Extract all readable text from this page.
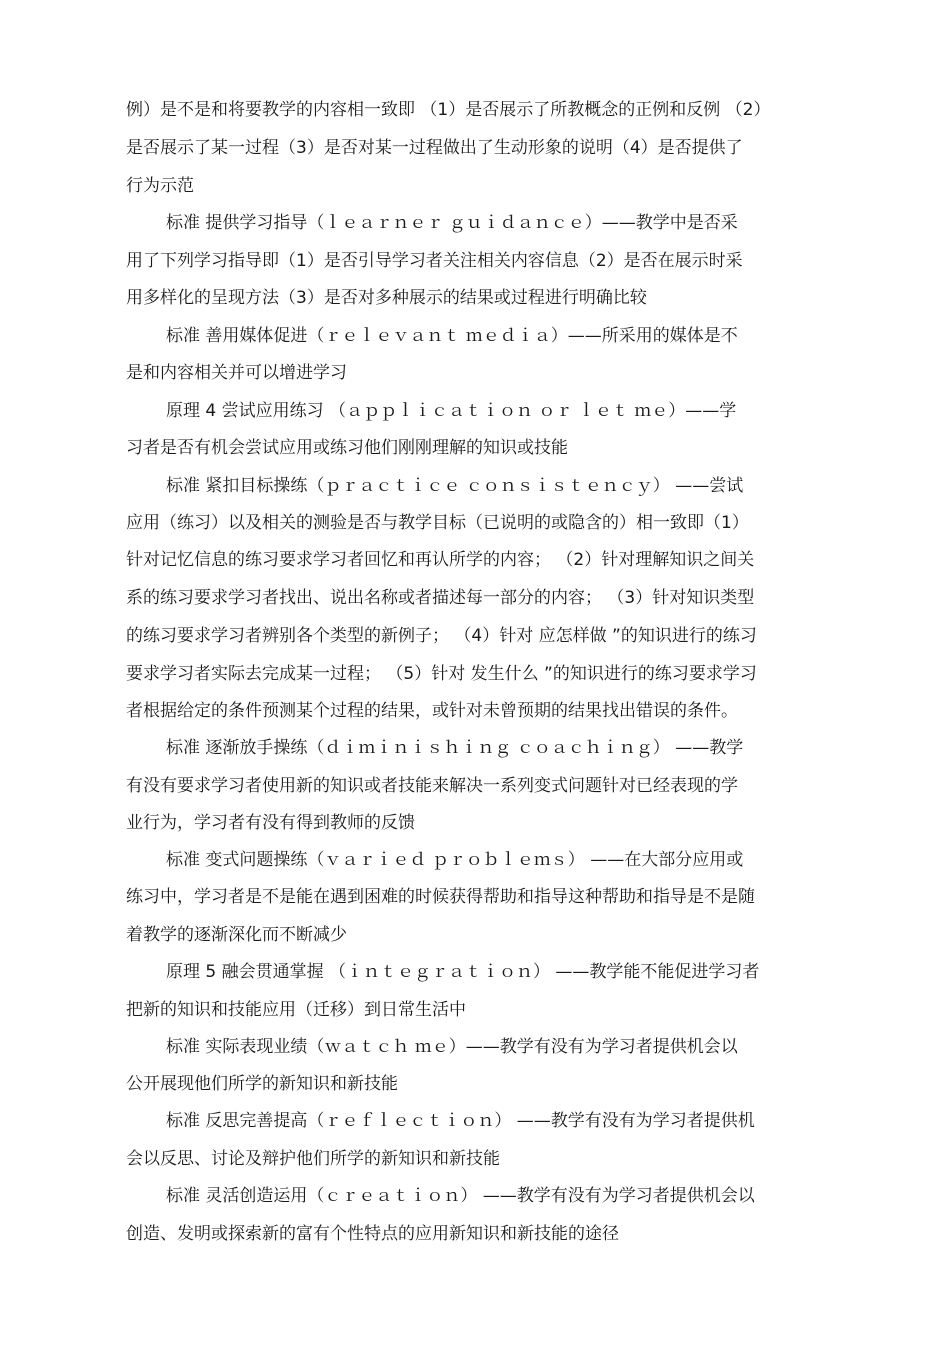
例）是不是和将要教学的内容相一致即 （1）是否展示了所教概念的正例和反例 （2）
是否展示了某一过程（3）是否对某一过程做出了生动形象的说明（4）是否提供了
行为示范
标准 提供学习指导（ｌｅａｒｎｅｒ ｇｕｉｄａｎｃｅ）——教学中是否采
用了下列学习指导即（1）是否引导学习者关注相关内容信息（2）是否在展示时采
用多样化的呈现方法（3）是否对多种展示的结果或过程进行明确比较
标准 善用媒体促进（ｒｅｌｅｖａｎｔ ｍｅｄｉａ）——所采用的媒体是不
是和内容相关并可以增进学习
原理 4 尝试应用练习 （ａｐｐｌｉｃａｔｉｏｎ ｏｒ ｌｅｔ ｍｅ）——学
习者是否有机会尝试应用或练习他们刚刚理解的知识或技能
标准 紧扣目标操练（ｐｒａｃｔｉｃｅ ｃｏｎｓｉｓｔｅｎｃｙ） ——尝试
应用（练习）以及相关的测验是否与教学目标（已说明的或隐含的）相一致即（1）
针对记忆信息的练习要求学习者回忆和再认所学的内容； （2）针对理解知识之间关
系的练习要求学习者找出、说出名称或者描述每一部分的内容； （3）针对知识类型
的练习要求学习者辨别各个类型的新例子； （4）针对 应怎样做 ”的知识进行的练习
要求学习者实际去完成某一过程； （5）针对 发生什么 ”的知识进行的练习要求学习
者根据给定的条件预测某个过程的结果，或针对未曾预期的结果找出错误的条件。
标准 逐渐放手操练（ｄｉｍｉｎｉｓｈｉｎｇ ｃｏａｃｈｉｎｇ） ——教学
有没有要求学习者使用新的知识或者技能来解决一系列变式问题针对已经表现的学
业行为，学习者有没有得到教师的反馈
标准 变式问题操练（ｖａｒｉｅｄ ｐｒｏｂｌｅｍｓ） ——在大部分应用或
练习中，学习者是不是能在遇到困难的时候获得帮助和指导这种帮助和指导是不是随
着教学的逐渐深化而不断减少
原理 5 融会贯通掌握 （ｉｎｔｅｇｒａｔｉｏｎ） ——教学能不能促进学习者
把新的知识和技能应用（迁移）到日常生活中
标准 实际表现业绩（ｗａｔｃｈ ｍｅ）——教学有没有为学习者提供机会以
公开展现他们所学的新知识和新技能
标准 反思完善提高（ｒｅｆｌｅｃｔｉｏｎ） ——教学有没有为学习者提供机
会以反思、讨论及辩护他们所学的新知识和新技能
标准 灵活创造运用（ｃｒｅａｔｉｏｎ） ——教学有没有为学习者提供机会以
创造、发明或探索新的富有个性特点的应用新知识和新技能的途径
